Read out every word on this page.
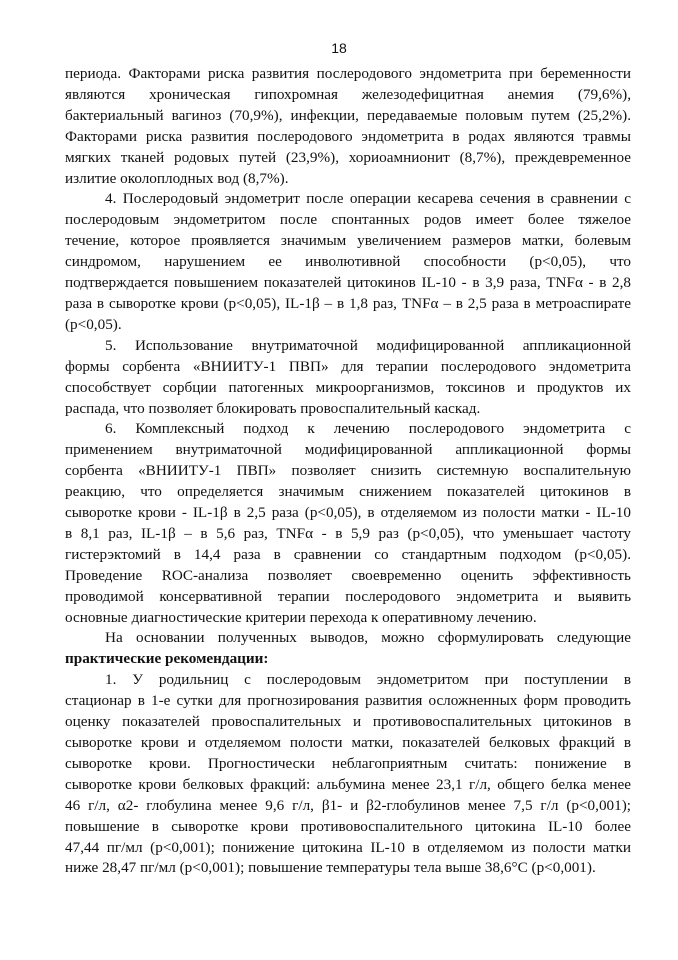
18
периода. Факторами риска развития послеродового эндометрита при беременности
являются хроническая гипохромная железодефицитная анемия (79,6%),
бактериальный вагиноз (70,9%), инфекции, передаваемые половым путем (25,2%).
Факторами риска развития послеродового эндометрита в родах являются травмы
мягких тканей родовых путей (23,9%), хориоамнионит (8,7%), преждевременное
излитие околоплодных вод (8,7%).
4. Послеродовый эндометрит после операции кесарева сечения в сравнении с
послеродовым эндометритом после спонтанных родов имеет более тяжелое
течение, которое проявляется значимым увеличением размеров матки, болевым
синдромом, нарушением ее инволютивной способности (p<0,05), что
подтверждается повышением показателей цитокинов IL-10 - в 3,9 раза, TNFα - в 2,8
раза в сыворотке крови (p<0,05), IL-1β – в 1,8 раз, TNFα – в 2,5 раза в метроаспирате
(p<0,05).
5. Использование внутриматочной модифицированной аппликационной
формы сорбента «ВНИИТУ-1 ПВП» для терапии послеродового эндометрита
способствует сорбции патогенных микроорганизмов, токсинов и продуктов их
распада, что позволяет блокировать провоспалительный каскад.
6. Комплексный подход к лечению послеродового эндометрита с
применением внутриматочной модифицированной аппликационной формы
сорбента «ВНИИТУ-1 ПВП» позволяет снизить системную воспалительную
реакцию, что определяется значимым снижением показателей цитокинов в
сыворотке крови - IL-1β в 2,5 раза (p<0,05), в отделяемом из полости матки - IL-10
в 8,1 раз, IL-1β – в 5,6 раз, TNFα - в 5,9 раз (p<0,05), что уменьшает частоту
гистерэктомий в 14,4 раза в сравнении со стандартным подходом (p<0,05).
Проведение ROC-анализа позволяет своевременно оценить эффективность
проводимой консервативной терапии послеродового эндометрита и выявить
основные диагностические критерии перехода к оперативному лечению.
На основании полученных выводов, можно сформулировать следующие
практические рекомендации:
1. У родильниц с послеродовым эндометритом при поступлении в
стационар в 1-е сутки для прогнозирования развития осложненных форм проводить
оценку показателей провоспалительных и противовоспалительных цитокинов в
сыворотке крови и отделяемом полости матки, показателей белковых фракций в
сыворотке крови. Прогностически неблагоприятным считать: понижение в
сыворотке крови белковых фракций: альбумина менее 23,1 г/л, общего белка менее
46 г/л, α2- глобулина менее 9,6 г/л, β1- и β2-глобулинов менее 7,5 г/л (p<0,001);
повышение в сыворотке крови противовоспалительного цитокина IL-10 более
47,44 пг/мл (p<0,001); понижение цитокина IL-10 в отделяемом из полости матки
ниже 28,47 пг/мл (p<0,001); повышение температуры тела выше 38,6°C (p<0,001).
